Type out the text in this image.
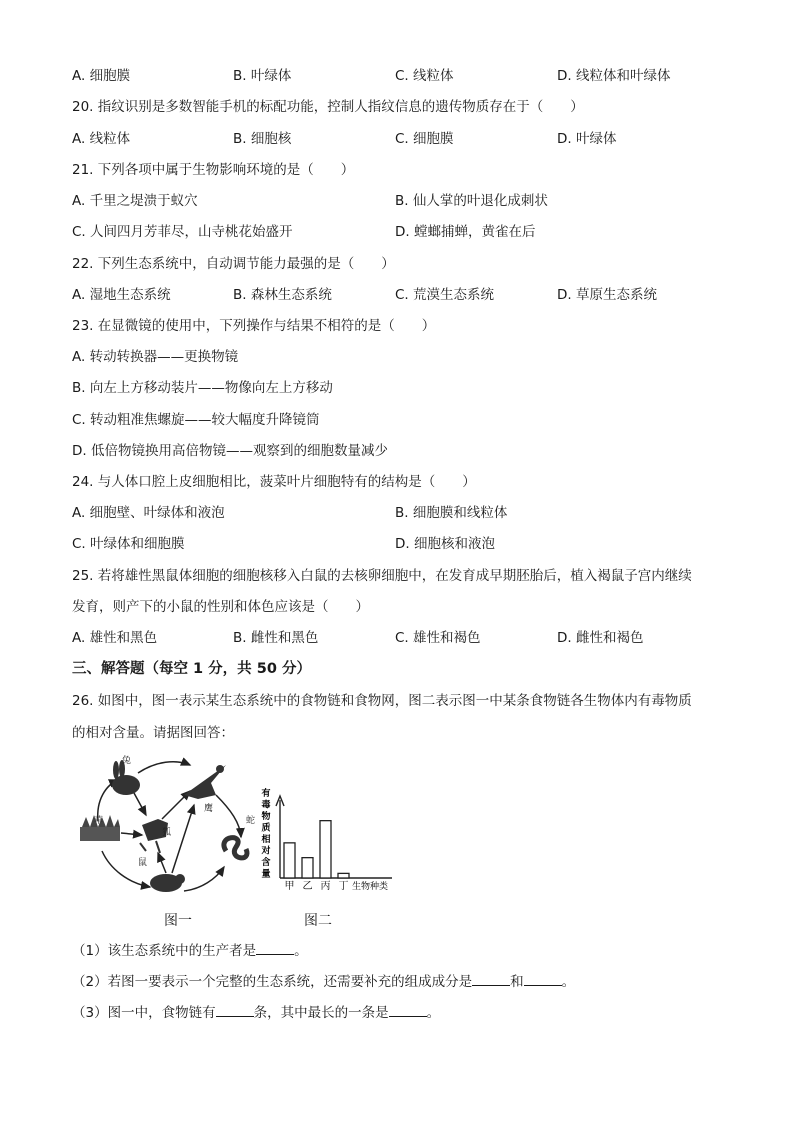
A. 细胞膜	B. 叶绿体	C. 线粒体	D. 线粒体和叶绿体
20. 指纹识别是多数智能手机的标配功能，控制人指纹信息的遗传物质存在于（　　）
A. 线粒体	B. 细胞核	C. 细胞膜	D. 叶绿体
21. 下列各项中属于生物影响环境的是（　　）
A. 千里之堤溃于蚁穴	B. 仙人掌的叶退化成刺状
C. 人间四月芳菲尽，山寺桃花始盛开	D. 螳螂捕蝉，黄雀在后
22. 下列生态系统中，自动调节能力最强的是（　　）
A. 湿地生态系统	B. 森林生态系统	C. 荒漠生态系统	D. 草原生态系统
23. 在显微镜的使用中，下列操作与结果不相符的是（　　）
A. 转动转换器——更换物镜
B. 向左上方移动装片——物像向左上方移动
C. 转动粗准焦螺旋——较大幅度升降镜筒
D. 低倍物镜换用高倍物镜——观察到的细胞数量减少
24. 与人体口腔上皮细胞相比，菠菜叶片细胞特有的结构是（　　）
A. 细胞壁、叶绿体和液泡	B. 细胞膜和线粒体
C. 叶绿体和细胞膜	D. 细胞核和液泡
25. 若将雄性黑鼠体细胞的细胞核移入白鼠的去核卵细胞中，在发育成早期胚胎后，植入褐鼠子宫内继续
发育，则产下的小鼠的性别和体色应该是（　　）
A. 雄性和黑色	B. 雌性和黑色	C. 雄性和褐色	D. 雌性和褐色
三、解答题（每空 1 分，共 50 分）
26. 如图中，图一表示某生态系统中的食物链和食物网，图二表示图一中某条食物链各生物体内有毒物质
的相对含量。请据图回答：
兔
鹰
草
狐
鼠
蛇
有毒物质相对含量
甲 乙 丙 丁 生物种类
图一	图二
（1）该生态系统中的生产者是	。
（2）若图一要表示一个完整的生态系统，还需要补充的组成成分是	和	。
（3）图一中，食物链有	条，其中最长的一条是	。
